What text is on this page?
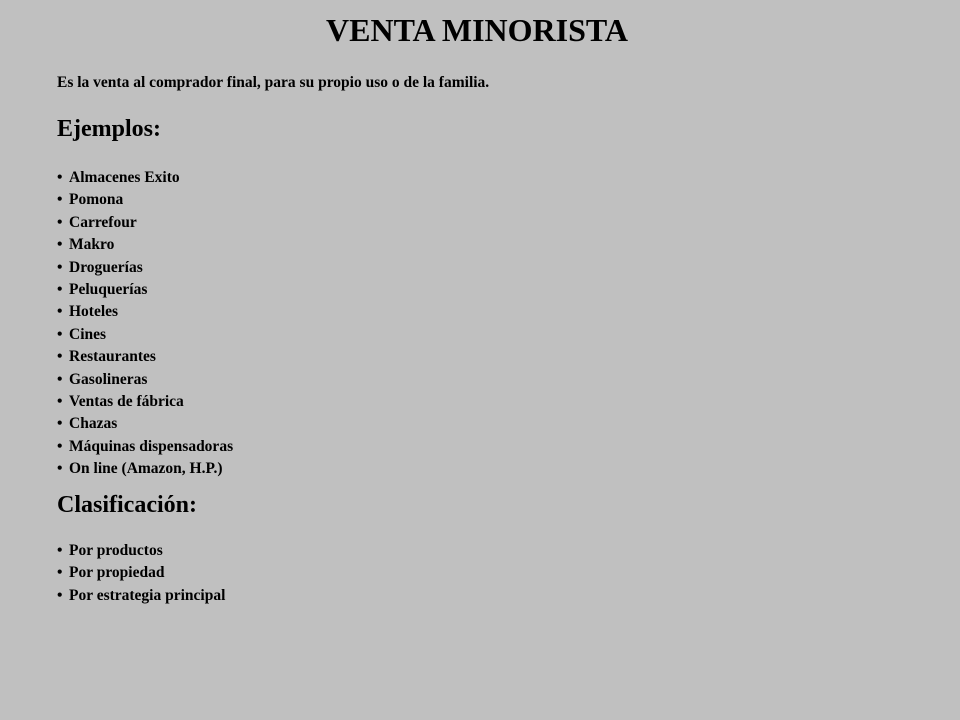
VENTA MINORISTA

Es la venta al comprador final, para su propio uso o de la familia.

Ejemplos:
• Almacenes Exito
• Pomona
• Carrefour
• Makro
• Droguerías
• Peluquerías
• Hoteles
• Cines
• Restaurantes
• Gasolineras
• Ventas de fábrica
• Chazas
• Máquinas dispensadoras
• On line (Amazon, H.P.)
Clasificación:
• Por productos
• Por propiedad
• Por estrategia principal
